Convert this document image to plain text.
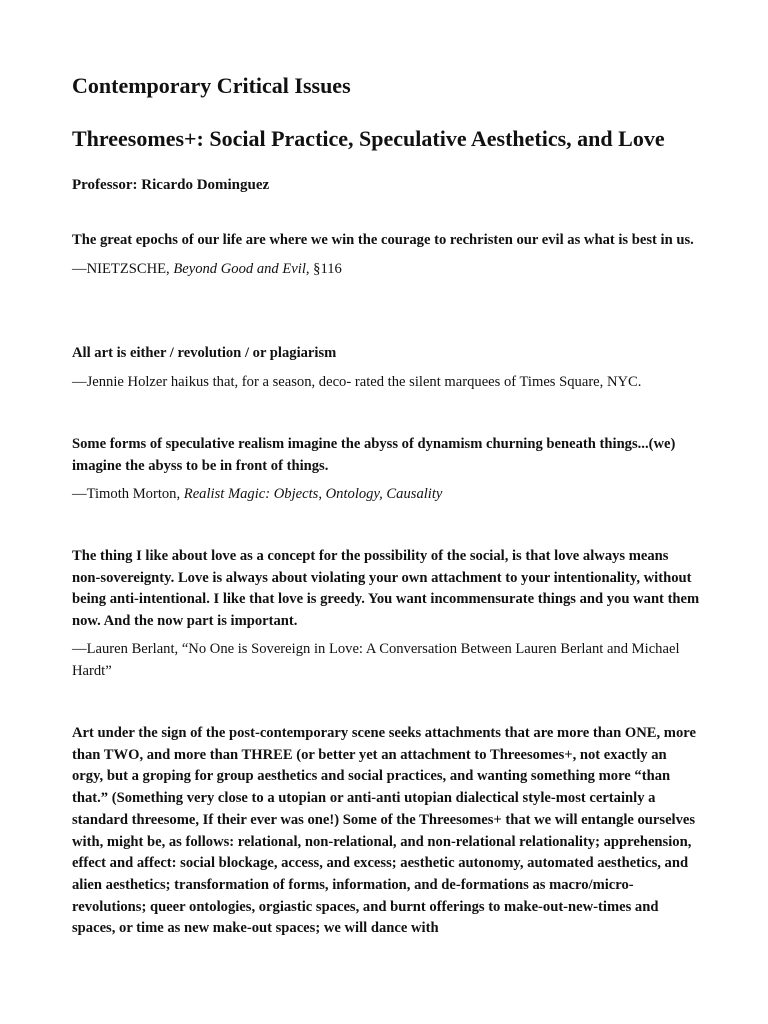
Contemporary Critical Issues
Threesomes+: Social Practice, Speculative Aesthetics, and Love

Professor: Ricardo Dominguez

The great epochs of our life are where we win the courage to rechristen our evil as what is best in us.

—NIETZSCHE, Beyond Good and Evil, §116

All art is either / revolution / or plagiarism

—Jennie Holzer haikus that, for a season, deco- rated the silent marquees of Times Square, NYC.

Some forms of speculative realism imagine the abyss of dynamism churning beneath things...(we) imagine the abyss to be in front of things.

—Timoth Morton, Realist Magic: Objects, Ontology, Causality

The thing I like about love as a concept for the possibility of the social, is that love always means non-sovereignty. Love is always about violating your own attachment to your intentionality, without being anti-intentional. I like that love is greedy. You want incommensurate things and you want them now. And the now part is important.

—Lauren Berlant, “No One is Sovereign in Love: A Conversation Between Lauren Berlant and Michael Hardt”

Art under the sign of the post-contemporary scene seeks attachments that are more than ONE, more than TWO, and more than THREE (or better yet an attachment to Threesomes+, not exactly an orgy, but a groping for group aesthetics and social practices, and wanting something more “than that.” (Something very close to a utopian or anti-anti utopian dialectical style-most certainly a standard threesome, If their ever was one!) Some of the Threesomes+ that we will entangle ourselves with, might be, as follows: relational, non-relational, and non-relational relationality; apprehension, effect and affect: social blockage, access, and excess; aesthetic autonomy, automated aesthetics, and alien aesthetics; transformation of forms, information, and de-formations as macro/micro-revolutions; queer ontologies, orgiastic spaces, and burnt offerings to make-out-new-times and spaces, or time as new make-out spaces; we will dance with
